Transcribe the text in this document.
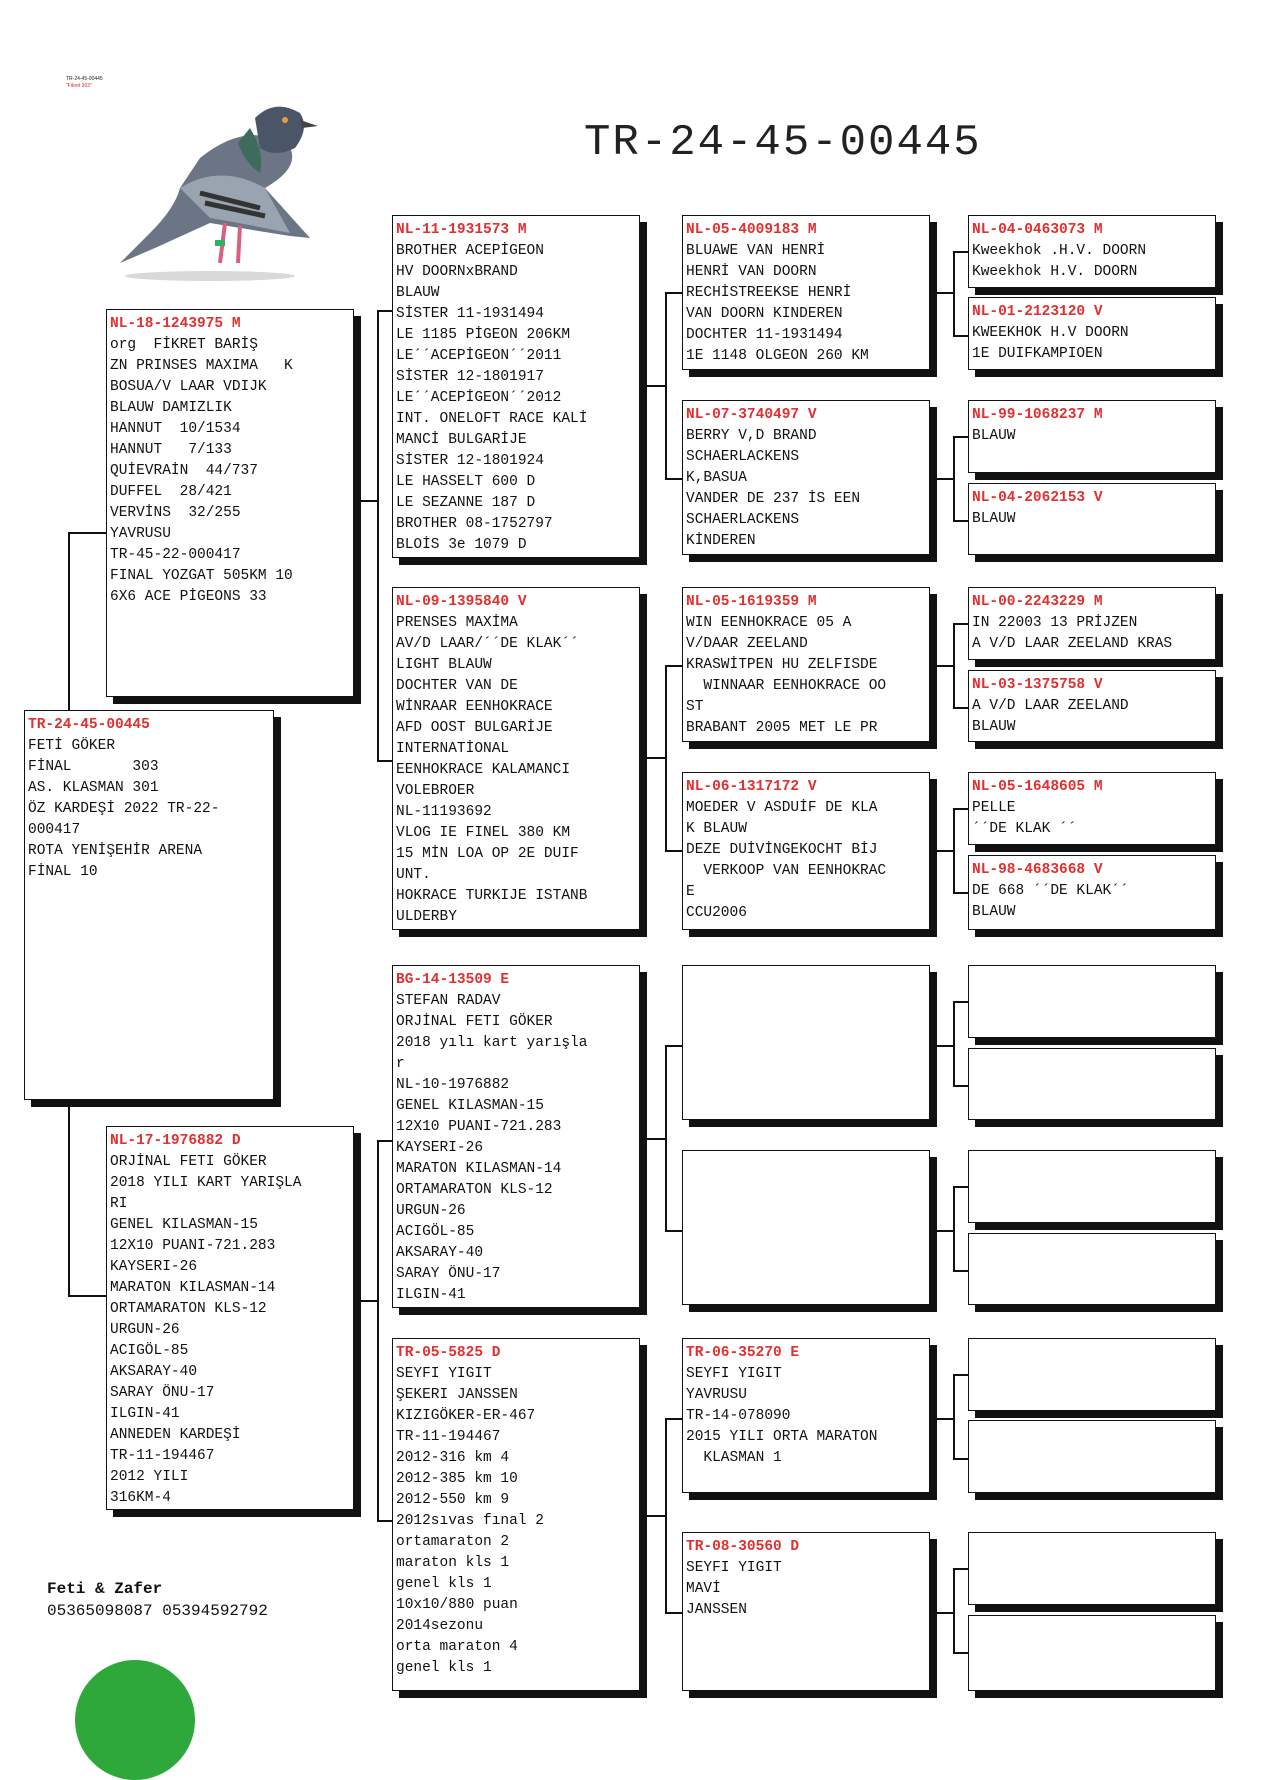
TR-24-45-00445
"Fikret 303"
TR-24-45-00445
TR-24-45-00445
FETİ GÖKER
FİNAL       303
AS. KLASMAN 301
ÖZ KARDEŞİ 2022 TR-22-
000417
ROTA YENİŞEHİR ARENA
FİNAL 10
NL-18-1243975 M
org  FİKRET BARİŞ
ZN PRINSES MAXIMA   K
BOSUA/V LAAR VDIJK
BLAUW DAMIZLIK
HANNUT  10/1534
HANNUT   7/133
QUİEVRAİN  44/737
DUFFEL  28/421
VERVİNS  32/255
YAVRUSU
TR-45-22-000417
FINAL YOZGAT 505KM 10
6X6 ACE PİGEONS 33
NL-17-1976882 D
ORJİNAL FETI GÖKER
2018 YILI KART YARIŞLA
RI
GENEL KILASMAN-15
12X10 PUANI-721.283
KAYSERI-26
MARATON KILASMAN-14
ORTAMARATON KLS-12
URGUN-26
ACIGÖL-85
AKSARAY-40
SARAY ÖNU-17
ILGIN-41
ANNEDEN KARDEŞİ
TR-11-194467
2012 YILI
316KM-4
NL-11-1931573 M
BROTHER ACEPİGEON
HV DOORNxBRAND
BLAUW
SİSTER 11-1931494
LE 1185 PİGEON 206KM
LE´´ACEPİGEON´´2011
SİSTER 12-1801917
LE´´ACEPİGEON´´2012
INT. ONELOFT RACE KALİ
MANCİ BULGARİJE
SİSTER 12-1801924
LE HASSELT 600 D
LE SEZANNE 187 D
BROTHER 08-1752797
BLOİS 3e 1079 D
NL-09-1395840 V
PRENSES MAXİMA
AV/D LAAR/´´DE KLAK´´
LIGHT BLAUW
DOCHTER VAN DE
WİNRAAR EENHOKRACE
AFD OOST BULGARİJE
INTERNATİONAL
EENHOKRACE KALAMANCI
VOLEBROER
NL-11193692
VLOG IE FINEL 380 KM
15 MİN LOA OP 2E DUIF
UNT.
HOKRACE TURKIJE ISTANB
ULDERBY
BG-14-13509 E
STEFAN RADAV
ORJİNAL FETI GÖKER
2018 yılı kart yarışla
r
NL-10-1976882
GENEL KILASMAN-15
12X10 PUANI-721.283
KAYSERI-26
MARATON KILASMAN-14
ORTAMARATON KLS-12
URGUN-26
ACIGÖL-85
AKSARAY-40
SARAY ÖNU-17
ILGIN-41
TR-05-5825 D
SEYFI YIGIT
ŞEKERI JANSSEN
KIZIGÖKER-ER-467
TR-11-194467
2012-316 km 4
2012-385 km 10
2012-550 km 9
2012sıvas fınal 2
ortamaraton 2
maraton kls 1
genel kls 1
10x10/880 puan
2014sezonu
orta maraton 4
genel kls 1
NL-05-4009183 M
BLUAWE VAN HENRİ
HENRİ VAN DOORN
RECHİSTREEKSE HENRİ
VAN DOORN KINDEREN
DOCHTER 11-1931494
1E 1148 OLGEON 260 KM
NL-07-3740497 V
BERRY V,D BRAND
SCHAERLACKENS
K,BASUA
VANDER DE 237 İS EEN
SCHAERLACKENS
KİNDEREN
NL-05-1619359 M
WIN EENHOKRACE 05 A
V/DAAR ZEELAND
KRASWİTPEN HU ZELFISDE
WINNAAR EENHOKRACE OO
ST
BRABANT 2005 MET LE PR
NL-06-1317172 V
MOEDER V ASDUİF DE KLA
K BLAUW
DEZE DUİVİNGEKOCHT BİJ
VERKOOP VAN EENHOKRAC
E
CCU2006
TR-06-35270 E
SEYFI YIGIT
YAVRUSU
TR-14-078090
2015 YILI ORTA MARATON
KLASMAN 1
TR-08-30560 D
SEYFI YIGIT
MAVİ
JANSSEN
NL-04-0463073 M
Kweekhok .H.V. DOORN
Kweekhok H.V. DOORN
NL-01-2123120 V
KWEEKHOK H.V DOORN
1E DUIFKAMPIOEN
NL-99-1068237 M
BLAUW
NL-04-2062153 V
BLAUW
NL-00-2243229 M
IN 22003 13 PRİJZEN
A V/D LAAR ZEELAND KRAS
NL-03-1375758 V
A V/D LAAR ZEELAND
BLAUW
NL-05-1648605 M
PELLE
´´DE KLAK ´´
NL-98-4683668 V
DE 668 ´´DE KLAK´´
BLAUW
Feti & Zafer
05365098087 05394592792
